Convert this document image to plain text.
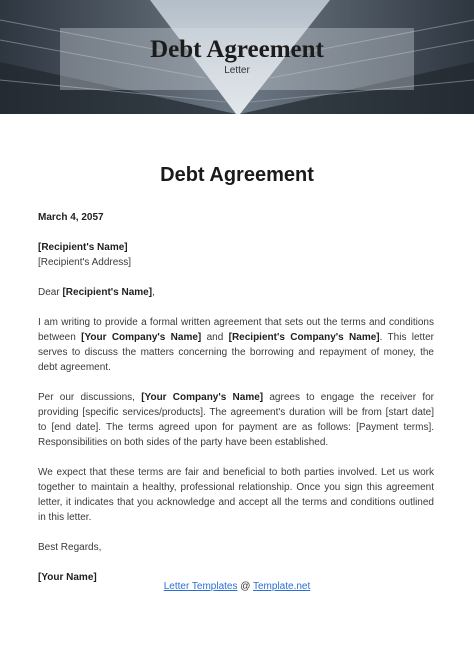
Debt Agreement
Letter
Debt Agreement

March 4, 2057

[Recipient's Name]

[Recipient's Address]

Dear [Recipient's Name],

I am writing to provide a formal written agreement that sets out the terms and conditions between [Your Company's Name] and [Recipient's Company's Name]. This letter serves to discuss the matters concerning the borrowing and repayment of money, the debt agreement.

Per our discussions, [Your Company's Name] agrees to engage the receiver for providing [specific services/products]. The agreement's duration will be from [start date] to [end date]. The terms agreed upon for payment are as follows: [Payment terms]. Responsibilities on both sides of the party have been established.

We expect that these terms are fair and beneficial to both parties involved. Let us work together to maintain a healthy, professional relationship. Once you sign this agreement letter, it indicates that you acknowledge and accept all the terms and conditions outlined in this letter.

Best Regards,

[Your Name]

Letter Templates @ Template.net
